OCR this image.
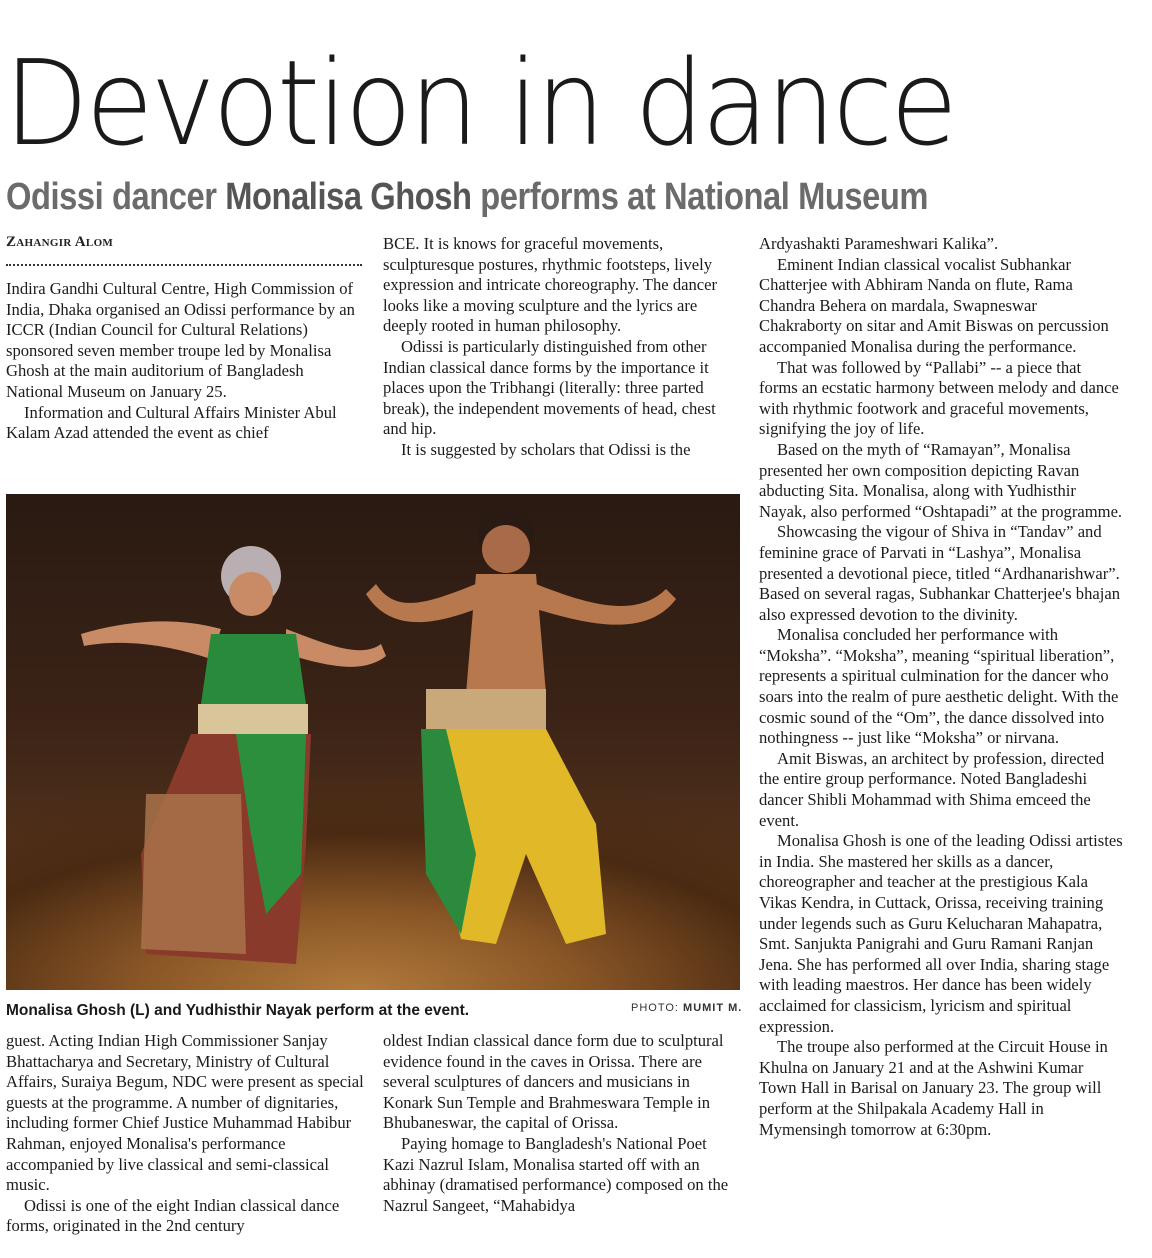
Devotion in dance
Odissi dancer Monalisa Ghosh performs at National Museum
Zahangir Alom

Indira Gandhi Cultural Centre, High Commission of India, Dhaka organised an Odissi performance by an ICCR (Indian Council for Cultural Relations) sponsored seven member troupe led by Monalisa Ghosh at the main auditorium of Bangladesh National Museum on January 25.

Information and Cultural Affairs Minister Abul Kalam Azad attended the event as chief

BCE. It is knows for graceful movements, sculpturesque postures, rhythmic footsteps, lively expression and intricate choreography. The dancer looks like a moving sculpture and the lyrics are deeply rooted in human philosophy.

Odissi is particularly distinguished from other Indian classical dance forms by the importance it places upon the Tribhangi (literally: three parted break), the independent movements of head, chest and hip.

It is suggested by scholars that Odissi is the

Monalisa Ghosh (L) and Yudhisthir Nayak perform at the event.	PHOTO: MUMIT M.

guest. Acting Indian High Commissioner Sanjay Bhattacharya and Secretary, Ministry of Cultural Affairs, Suraiya Begum, NDC were present as special guests at the programme. A number of dignitaries, including former Chief Justice Muhammad Habibur Rahman, enjoyed Monalisa's performance accompanied by live classical and semi-classical music.

Odissi is one of the eight Indian classical dance forms, originated in the 2nd century

oldest Indian classical dance form due to sculptural evidence found in the caves in Orissa. There are several sculptures of dancers and musicians in Konark Sun Temple and Brahmeswara Temple in Bhubaneswar, the capital of Orissa.

Paying homage to Bangladesh's National Poet Kazi Nazrul Islam, Monalisa started off with an abhinay (dramatised performance) composed on the Nazrul Sangeet, “Mahabidya

Ardyashakti Parameshwari Kalika”.

Eminent Indian classical vocalist Subhankar Chatterjee with Abhiram Nanda on flute, Rama Chandra Behera on mardala, Swapneswar Chakraborty on sitar and Amit Biswas on percussion accompanied Monalisa during the performance.

That was followed by “Pallabi” -- a piece that forms an ecstatic harmony between melody and dance with rhythmic footwork and graceful movements, signifying the joy of life.

Based on the myth of “Ramayan”, Monalisa presented her own composition depicting Ravan abducting Sita. Monalisa, along with Yudhisthir Nayak, also performed “Oshtapadi” at the programme.

Showcasing the vigour of Shiva in “Tandav” and feminine grace of Parvati in “Lashya”, Monalisa presented a devotional piece, titled “Ardhanarishwar”. Based on several ragas, Subhankar Chatterjee's bhajan also expressed devotion to the divinity.

Monalisa concluded her performance with “Moksha”. “Moksha”, meaning “spiritual liberation”, represents a spiritual culmination for the dancer who soars into the realm of pure aesthetic delight. With the cosmic sound of the “Om”, the dance dissolved into nothingness -- just like “Moksha” or nirvana.

Amit Biswas, an architect by profession, directed the entire group performance. Noted Bangladeshi dancer Shibli Mohammad with Shima emceed the event.

Monalisa Ghosh is one of the leading Odissi artistes in India. She mastered her skills as a dancer, choreographer and teacher at the prestigious Kala Vikas Kendra, in Cuttack, Orissa, receiving training under legends such as Guru Kelucharan Mahapatra, Smt. Sanjukta Panigrahi and Guru Ramani Ranjan Jena. She has performed all over India, sharing stage with leading maestros. Her dance has been widely acclaimed for classicism, lyricism and spiritual expression.

The troupe also performed at the Circuit House in Khulna on January 21 and at the Ashwini Kumar Town Hall in Barisal on January 23. The group will perform at the Shilpakala Academy Hall in Mymensingh tomorrow at 6:30pm.
